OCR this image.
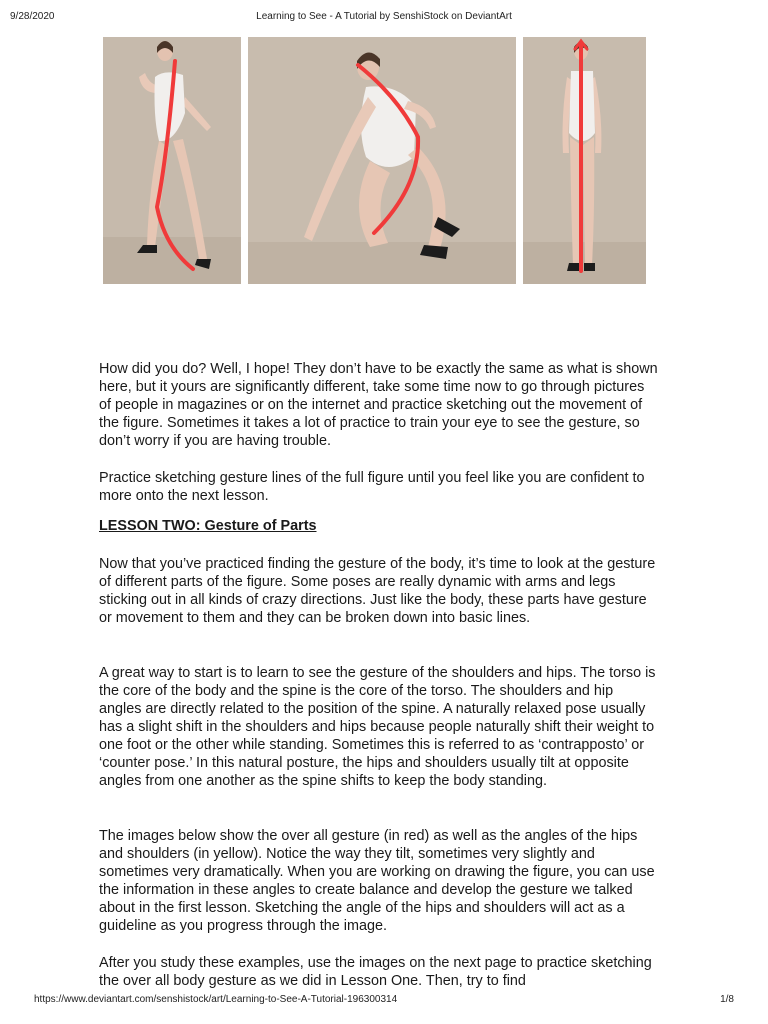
9/28/2020	Learning to See - A Tutorial by SenshiStock on DeviantArt

How did you do? Well, I hope! They don’t have to be exactly the same as what is shown here, but it yours are significantly different, take some time now to go through pictures of people in magazines or on the internet and practice sketching out the movement of the figure. Sometimes it takes a lot of practice to train your eye to see the gesture, so don’t worry if you are having trouble.

Practice sketching gesture lines of the full figure until you feel like you are confident to more onto the next lesson.

LESSON TWO: Gesture of Parts

Now that you’ve practiced finding the gesture of the body, it’s time to look at the gesture of different parts of the figure. Some poses are really dynamic with arms and legs sticking out in all kinds of crazy directions. Just like the body, these parts have gesture or movement to them and they can be broken down into basic lines.

A great way to start is to learn to see the gesture of the shoulders and hips. The torso is the core of the body and the spine is the core of the torso. The shoulders and hip angles are directly related to the position of the spine. A naturally relaxed pose usually has a slight shift in the shoulders and hips because people naturally shift their weight to one foot or the other while standing. Sometimes this is referred to as ‘contrapposto’ or ‘counter pose.’ In this natural posture, the hips and shoulders usually tilt at opposite angles from one another as the spine shifts to keep the body standing.

The images below show the over all gesture (in red) as well as the angles of the hips and shoulders (in yellow). Notice the way they tilt, sometimes very slightly and sometimes very dramatically. When you are working on drawing the figure, you can use the information in these angles to create balance and develop the gesture we talked about in the first lesson. Sketching the angle of the hips and shoulders will act as a guideline as you progress through the image.

After you study these examples, use the images on the next page to practice sketching the over all body gesture as we did in Lesson One. Then, try to find

https://www.deviantart.com/senshistock/art/Learning-to-See-A-Tutorial-196300314	1/8
